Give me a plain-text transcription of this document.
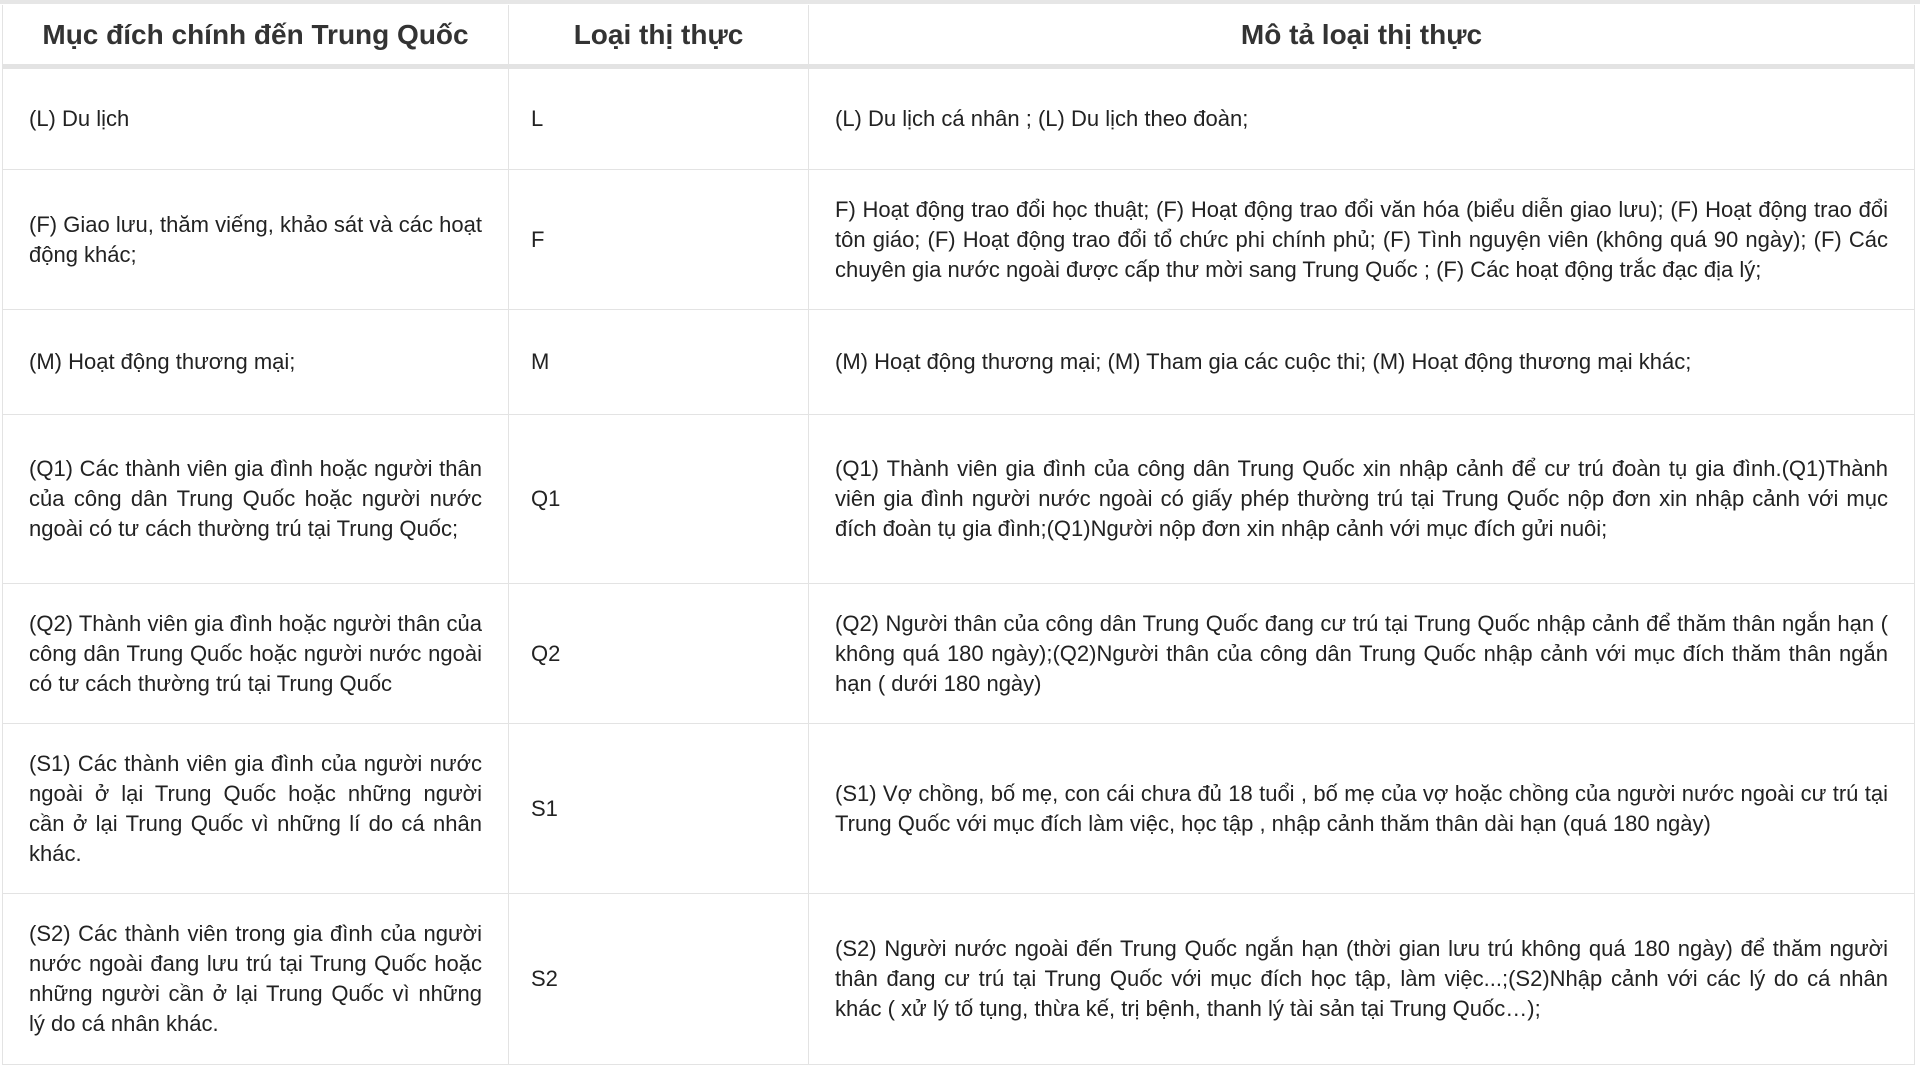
Mục đích chính đến Trung Quốc	Loại thị thực	Mô tả loại thị thực
(L) Du lịch	L	(L) Du lịch cá nhân ; (L) Du lịch theo đoàn;
(F) Giao lưu, thăm viếng, khảo sát và các hoạt động khác;	F	F) Hoạt động trao đổi học thuật; (F) Hoạt động trao đổi văn hóa (biểu diễn giao lưu); (F) Hoạt động trao đổi tôn giáo; (F) Hoạt động trao đổi tổ chức phi chính phủ; (F) Tình nguyện viên (không quá 90 ngày); (F) Các chuyên gia nước ngoài được cấp thư mời sang Trung Quốc ; (F) Các hoạt động trắc đạc địa lý;
(M) Hoạt động thương mại;	M	(M) Hoạt động thương mại; (M) Tham gia các cuộc thi; (M) Hoạt động thương mại khác;
(Q1) Các thành viên gia đình hoặc người thân của công dân Trung Quốc hoặc người nước ngoài có tư cách thường trú tại Trung Quốc;	Q1	(Q1) Thành viên gia đình của công dân Trung Quốc xin nhập cảnh để cư trú đoàn tụ gia đình.(Q1)Thành viên gia đình người nước ngoài có giấy phép thường trú tại Trung Quốc nộp đơn xin nhập cảnh với mục đích đoàn tụ gia đình;(Q1)Người nộp đơn xin nhập cảnh với mục đích gửi nuôi;
(Q2) Thành viên gia đình hoặc người thân của công dân Trung Quốc hoặc người nước ngoài có tư cách thường trú tại Trung Quốc	Q2	(Q2) Người thân của công dân Trung Quốc đang cư trú tại Trung Quốc nhập cảnh để thăm thân ngắn hạn ( không quá 180 ngày);(Q2)Người thân của công dân Trung Quốc nhập cảnh với mục đích thăm thân ngắn hạn ( dưới 180 ngày)
(S1) Các thành viên gia đình của người nước ngoài ở lại Trung Quốc hoặc những người cần ở lại Trung Quốc vì những lí do cá nhân khác.	S1	(S1) Vợ chồng, bố mẹ, con cái chưa đủ 18 tuổi , bố mẹ của vợ hoặc chồng của người nước ngoài cư trú tại Trung Quốc với mục đích làm việc, học tập , nhập cảnh thăm thân dài hạn (quá 180 ngày)
(S2) Các thành viên trong gia đình của người nước ngoài đang lưu trú tại Trung Quốc hoặc những người cần ở lại Trung Quốc vì những lý do cá nhân khác.	S2	(S2) Người nước ngoài đến Trung Quốc ngắn hạn (thời gian lưu trú không quá 180 ngày) để thăm người thân đang cư trú tại Trung Quốc với mục đích học tập, làm việc...;(S2)Nhập cảnh với các lý do cá nhân khác ( xử lý tố tụng, thừa kế, trị bệnh, thanh lý tài sản tại Trung Quốc…);
